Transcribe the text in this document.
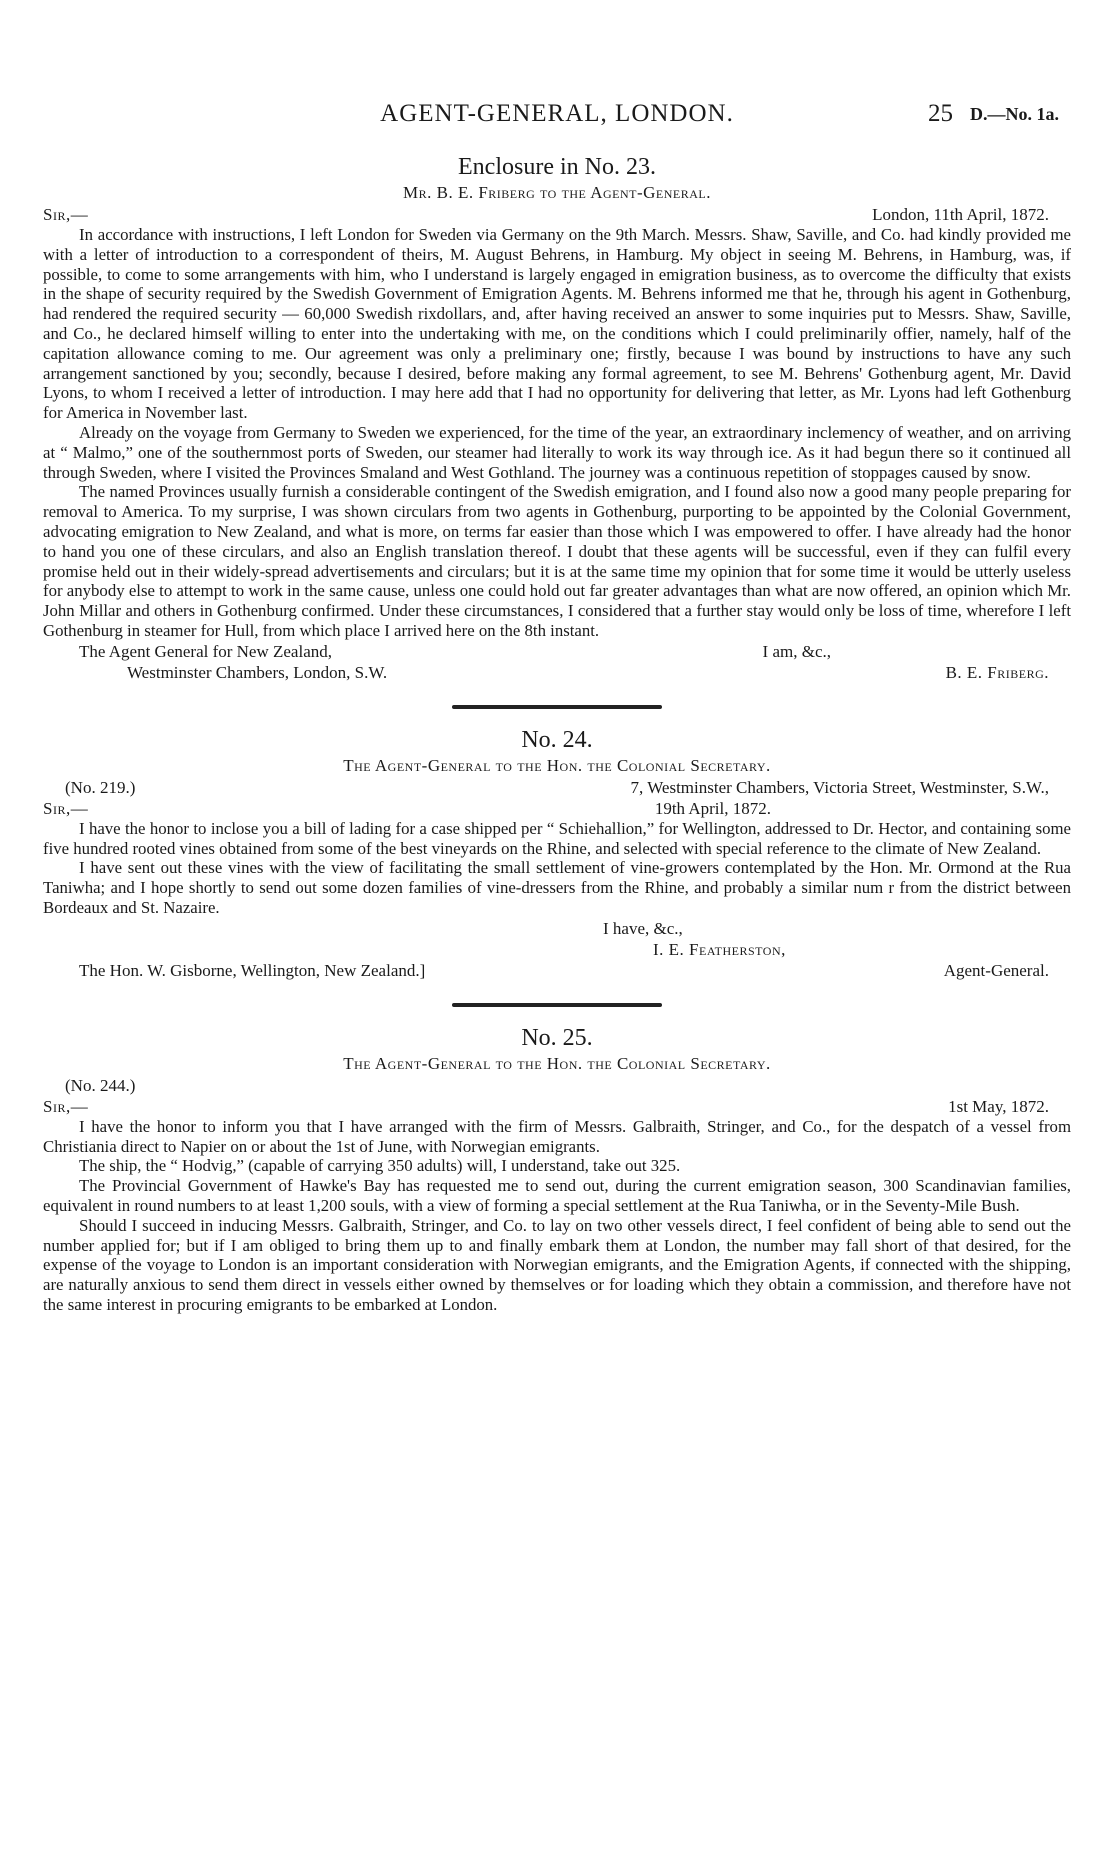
AGENT-GENERAL, LONDON.	25 D.—No. 1a.
Enclosure in No. 23.
Mr. B. E. Friberg to the Agent-General.
Sir,—	London, 11th April, 1872.

In accordance with instructions, I left London for Sweden via Germany on the 9th March. Messrs. Shaw, Saville, and Co. had kindly provided me with a letter of introduction to a correspondent of theirs, M. August Behrens, in Hamburg. My object in seeing M. Behrens, in Hamburg, was, if possible, to come to some arrangements with him, who I understand is largely engaged in emigration business, as to overcome the difficulty that exists in the shape of security required by the Swedish Government of Emigration Agents. M. Behrens informed me that he, through his agent in Gothenburg, had rendered the required security — 60,000 Swedish rixdollars, and, after having received an answer to some inquiries put to Messrs. Shaw, Saville, and Co., he declared himself willing to enter into the undertaking with me, on the conditions which I could preliminarily offier, namely, half of the capitation allowance coming to me. Our agreement was only a preliminary one; firstly, because I was bound by instructions to have any such arrangement sanctioned by you; secondly, because I desired, before making any formal agreement, to see M. Behrens' Gothenburg agent, Mr. David Lyons, to whom I received a letter of introduction. I may here add that I had no opportunity for delivering that letter, as Mr. Lyons had left Gothenburg for America in November last.

Already on the voyage from Germany to Sweden we experienced, for the time of the year, an extraordinary inclemency of weather, and on arriving at “ Malmo,” one of the southernmost ports of Sweden, our steamer had literally to work its way through ice. As it had begun there so it continued all through Sweden, where I visited the Provinces Smaland and West Gothland. The journey was a continuous repetition of stoppages caused by snow.

The named Provinces usually furnish a considerable contingent of the Swedish emigration, and I found also now a good many people preparing for removal to America. To my surprise, I was shown circulars from two agents in Gothenburg, purporting to be appointed by the Colonial Government, advocating emigration to New Zealand, and what is more, on terms far easier than those which I was empowered to offer. I have already had the honor to hand you one of these circulars, and also an English translation thereof. I doubt that these agents will be successful, even if they can fulfil every promise held out in their widely-spread advertisements and circulars; but it is at the same time my opinion that for some time it would be utterly useless for anybody else to attempt to work in the same cause, unless one could hold out far greater advantages than what are now offered, an opinion which Mr. John Millar and others in Gothenburg confirmed. Under these circumstances, I considered that a further stay would only be loss of time, wherefore I left Gothenburg in steamer for Hull, from which place I arrived here on the 8th instant.

The Agent General for New Zealand,	I am, &c.,
Westminster Chambers, London, S.W.	B. E. Friberg.
No. 24.
The Agent-General to the Hon. the Colonial Secretary.
(No. 219.)	7, Westminster Chambers, Victoria Street, Westminster, S.W.,
Sir,—	19th April, 1872.

I have the honor to inclose you a bill of lading for a case shipped per “ Schiehallion,” for Wellington, addressed to Dr. Hector, and containing some five hundred rooted vines obtained from some of the best vineyards on the Rhine, and selected with special reference to the climate of New Zealand.

I have sent out these vines with the view of facilitating the small settlement of vine-growers contemplated by the Hon. Mr. Ormond at the Rua Taniwha; and I hope shortly to send out some dozen families of vine-dressers from the Rhine, and probably a similar num r from the district between Bordeaux and St. Nazaire.

I have, &c.,
I. E. Featherston,
The Hon. W. Gisborne, Wellington, New Zealand.]	Agent-General.
No. 25.
The Agent-General to the Hon. the Colonial Secretary.
(No. 244.)
Sir,—	1st May, 1872.

I have the honor to inform you that I have arranged with the firm of Messrs. Galbraith, Stringer, and Co., for the despatch of a vessel from Christiania direct to Napier on or about the 1st of June, with Norwegian emigrants.

The ship, the “ Hodvig,” (capable of carrying 350 adults) will, I understand, take out 325.

The Provincial Government of Hawke's Bay has requested me to send out, during the current emigration season, 300 Scandinavian families, equivalent in round numbers to at least 1,200 souls, with a view of forming a special settlement at the Rua Taniwha, or in the Seventy-Mile Bush.

Should I succeed in inducing Messrs. Galbraith, Stringer, and Co. to lay on two other vessels direct, I feel confident of being able to send out the number applied for; but if I am obliged to bring them up to and finally embark them at London, the number may fall short of that desired, for the expense of the voyage to London is an important consideration with Norwegian emigrants, and the Emigration Agents, if connected with the shipping, are naturally anxious to send them direct in vessels either owned by themselves or for loading which they obtain a commission, and therefore have not the same interest in procuring emigrants to be embarked at London.
